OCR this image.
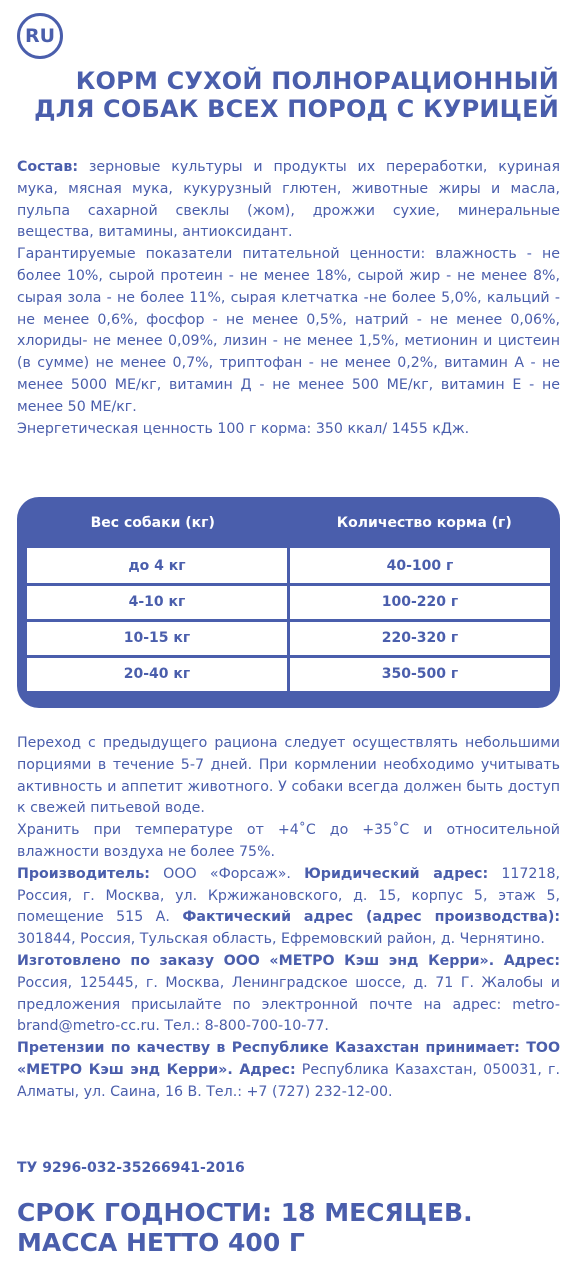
RU
КОРМ СУХОЙ ПОЛНОРАЦИОННЫЙ
ДЛЯ СОБАК ВСЕХ ПОРОД С КУРИЦЕЙ

Состав: зерновые культуры и продукты их переработки, куриная мука, мясная мука, кукурузный глютен, животные жиры и масла, пульпа сахарной свеклы (жом), дрожжи сухие, минеральные вещества, витамины, антиоксидант.

Гарантируемые показатели питательной ценности: влажность - не более 10%, сырой протеин - не менее 18%, сырой жир - не менее 8%, сырая зола - не более 11%, сырая клетчатка -не более 5,0%, кальций - не менее 0,6%, фосфор - не менее 0,5%, натрий - не менее 0,06%, хлориды- не менее 0,09%, лизин - не менее 1,5%, метионин и цистеин (в сумме) не менее 0,7%, триптофан - не менее 0,2%, витамин А - не менее 5000 МЕ/кг, витамин Д - не менее 500 МЕ/кг, витамин Е - не менее 50 МЕ/кг.

Энергетическая ценность 100 г корма: 350 ккал/ 1455 кДж.

Вес собаки (кг)	Количество корма (г)
до 4 кг	40-100 г
4-10 кг	100-220 г
10-15 кг	220-320 г
20-40 кг	350-500 г

Переход с предыдущего рациона следует осуществлять небольшими порциями в течение 5-7 дней. При кормлении необходимо учитывать активность и аппетит животного. У собаки всегда должен быть доступ к свежей питьевой воде.

Хранить при температуре от +4˚С до +35˚С и относительной влажности воздуха не более 75%.

Производитель: ООО «Форсаж». Юридический адрес: 117218, Россия, г. Москва, ул. Кржижановского, д. 15, корпус 5, этаж 5, помещение 515 А. Фактический адрес (адрес производства): 301844, Россия, Тульская область, Ефремовский район, д. Чернятино.

Изготовлено по заказу ООО «МЕТРО Кэш энд Керри». Адрес: Россия, 125445, г. Москва, Ленинградское шоссе, д. 71 Г. Жалобы и предложения присылайте по электронной почте на адрес: metro-brand@metro-cc.ru. Тел.: 8-800-700-10-77.

Претензии по качеству в Республике Казахстан принимает: ТОО «МЕТРО Кэш энд Керри». Адрес: Республика Казахстан, 050031, г. Алматы, ул. Саина, 16 В. Тел.: +7 (727) 232-12-00.

ТУ 9296-032-35266941-2016
СРОК ГОДНОСТИ: 18 МЕСЯЦЕВ.
МАССА НЕТТО 400 Г
